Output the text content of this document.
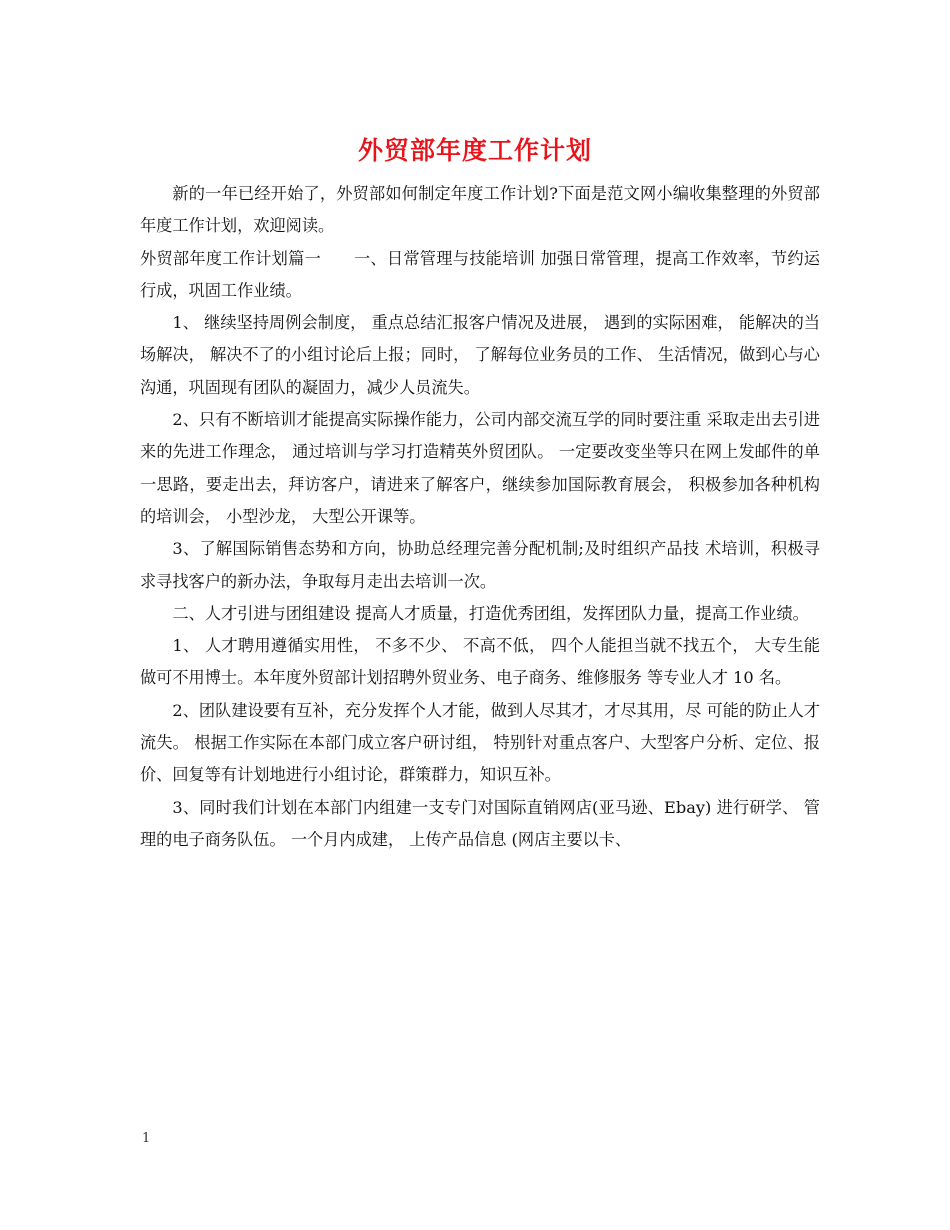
外贸部年度工作计划

新的一年已经开始了，外贸部如何制定年度工作计划?下面是范文网小编收集整理的外贸部年度工作计划，欢迎阅读。

外贸部年度工作计划篇一　　一、日常管理与技能培训 加强日常管理，提高工作效率，节约运行成，巩固工作业绩。

1、 继续坚持周例会制度， 重点总结汇报客户情况及进展， 遇到的实际困难， 能解决的当场解决， 解决不了的小组讨论后上报；同时， 了解每位业务员的工作、 生活情况，做到心与心沟通，巩固现有团队的凝固力，减少人员流失。

2、只有不断培训才能提高实际操作能力，公司内部交流互学的同时要注重 采取走出去引进来的先进工作理念， 通过培训与学习打造精英外贸团队。 一定要改变坐等只在网上发邮件的单一思路，要走出去，拜访客户，请进来了解客户，继续参加国际教育展会， 积极参加各种机构的培训会， 小型沙龙， 大型公开课等。

3、了解国际销售态势和方向，协助总经理完善分配机制;及时组织产品技 术培训，积极寻求寻找客户的新办法，争取每月走出去培训一次。

二、人才引进与团组建设 提高人才质量，打造优秀团组，发挥团队力量，提高工作业绩。

1、 人才聘用遵循实用性， 不多不少、 不高不低， 四个人能担当就不找五个， 大专生能做可不用博士。本年度外贸部计划招聘外贸业务、电子商务、维修服务 等专业人才 10 名。

2、团队建设要有互补，充分发挥个人才能，做到人尽其才，才尽其用，尽 可能的防止人才流失。 根据工作实际在本部门成立客户研讨组， 特别针对重点客户、大型客户分析、定位、报价、回复等有计划地进行小组讨论，群策群力，知识互补。

3、同时我们计划在本部门内组建一支专门对国际直销网店(亚马逊、Ebay) 进行研学、 管理的电子商务队伍。 一个月内成建， 上传产品信息 (网店主要以卡、

1
